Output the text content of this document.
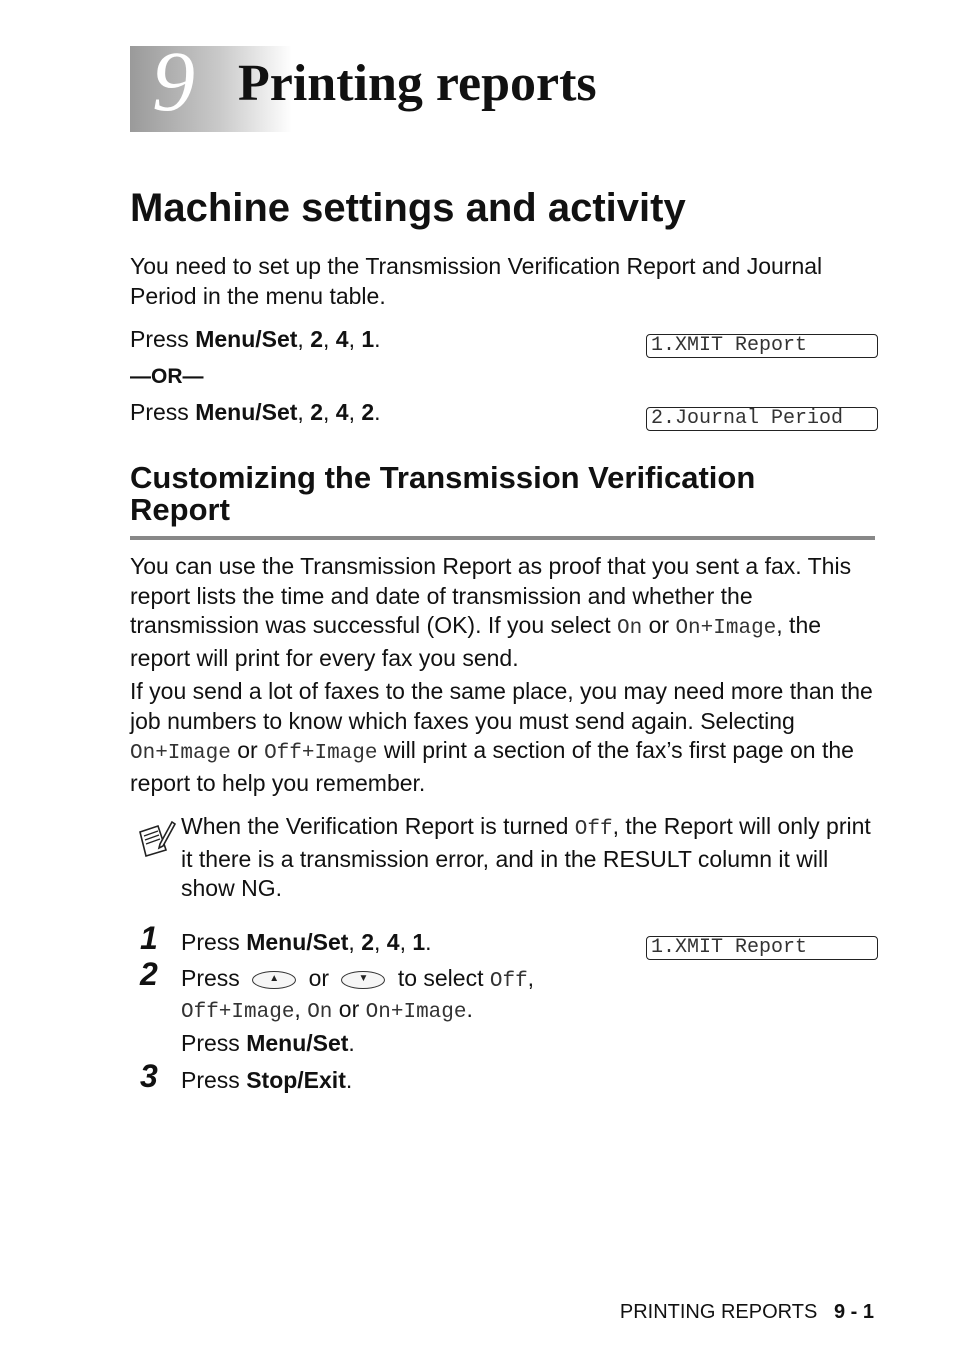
9 Printing reports
Machine settings and activity
You need to set up the Transmission Verification Report and Journal Period in the menu table.
Press Menu/Set, 2, 4, 1.
—OR—
Press Menu/Set, 2, 4, 2.
1.XMIT Report
2.Journal Period
Customizing the Transmission Verification Report
You can use the Transmission Report as proof that you sent a fax. This report lists the time and date of transmission and whether the transmission was successful (OK). If you select On or On+Image, the report will print for every fax you send.
If you send a lot of faxes to the same place, you may need more than the job numbers to know which faxes you must send again. Selecting On+Image or Off+Image will print a section of the fax’s first page on the report to help you remember.
When the Verification Report is turned Off, the Report will only print it there is a transmission error, and in the RESULT column it will show NG.
1 Press Menu/Set, 2, 4, 1.	1.XMIT Report
2 Press	▲	or	▼	to select Off,
Off+Image, On or On+Image.
Press Menu/Set.
3 Press Stop/Exit.
PRINTING REPORTS 9 - 1
